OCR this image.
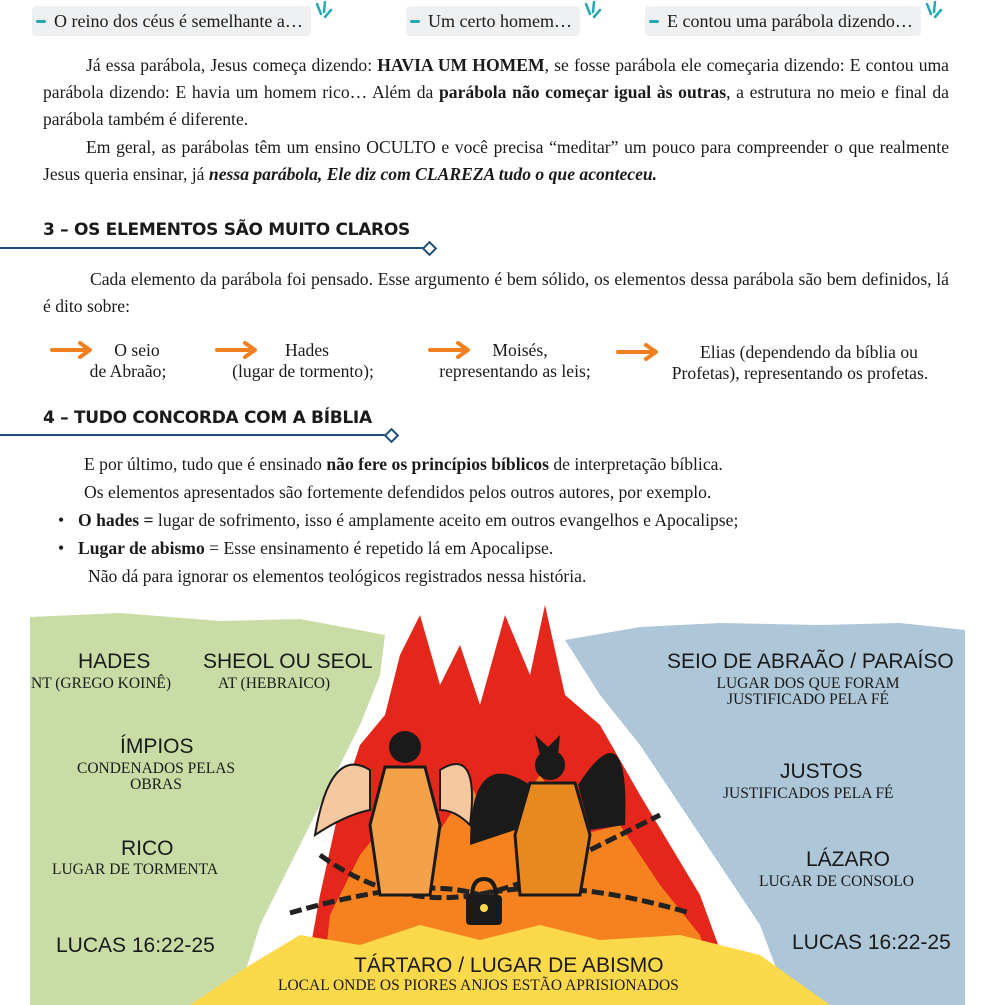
O reino dos céus é semelhante a…	Um certo homem…	E contou uma parábola dizendo…

Já essa parábola, Jesus começa dizendo: HAVIA UM HOMEM, se fosse parábola ele começaria dizendo: E contou uma parábola dizendo: E havia um homem rico… Além da parábola não começar igual às outras, a estrutura no meio e final da parábola também é diferente.

Em geral, as parábolas têm um ensino OCULTO e você precisa “meditar” um pouco para compreender o que realmente Jesus queria ensinar, já nessa parábola, Ele diz com CLAREZA tudo o que aconteceu.

3 – OS ELEMENTOS SÃO MUITO CLAROS

Cada elemento da parábola foi pensado. Esse argumento é bem sólido, os elementos dessa parábola são bem definidos, lá é dito sobre:

O seio
de Abraão;
Hades
(lugar de tormento);
Moisés,
representando as leis;
Elias (dependendo da bíblia ou
Profetas), representando os profetas.
4 – TUDO CONCORDA COM A BÍBLIA
E por último, tudo que é ensinado não fere os princípios bíblicos de interpretação bíblica.
Os elementos apresentados são fortemente defendidos pelos outros autores, por exemplo.
• O hades = lugar de sofrimento, isso é amplamente aceito em outros evangelhos e Apocalipse;
• Lugar de abismo = Esse ensinamento é repetido lá em Apocalipse.
Não dá para ignorar os elementos teológicos registrados nessa história.
HADES
NT (GREGO KOINÊ)
SHEOL OU SEOL
AT (HEBRAICO)
ÍMPIOS
CONDENADOS PELAS
OBRAS
RICO
LUGAR DE TORMENTA
LUCAS 16:22-25
SEIO DE ABRAÃO / PARAÍSO
LUGAR DOS QUE FORAM
JUSTIFICADO PELA FÉ
JUSTOS
JUSTIFICADOS PELA FÉ
LÁZARO
LUGAR DE CONSOLO
LUCAS 16:22-25
TÁRTARO / LUGAR DE ABISMO
LOCAL ONDE OS PIORES ANJOS ESTÃO APRISIONADOS
